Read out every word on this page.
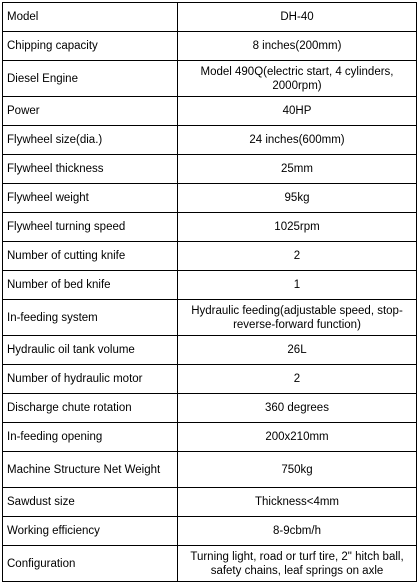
Model	DH-40
Chipping capacity	8 inches(200mm)
Diesel Engine	Model 490Q(electric start, 4 cylinders, 2000rpm)
Power	40HP
Flywheel size(dia.)	24 inches(600mm)
Flywheel thickness	25mm
Flywheel weight	95kg
Flywheel turning speed	1025rpm
Number of cutting knife	2
Number of bed knife	1
In-feeding system	Hydraulic feeding(adjustable speed, stop-reverse-forward function)
Hydraulic oil tank volume	26L
Number of hydraulic motor	2
Discharge chute rotation	360 degrees
In-feeding opening	200x210mm
Machine Structure Net Weight	750kg
Sawdust size	Thickness<4mm
Working efficiency	8-9cbm/h
Configuration	Turning light, road or turf tire, 2" hitch ball, safety chains, leaf springs on axle
